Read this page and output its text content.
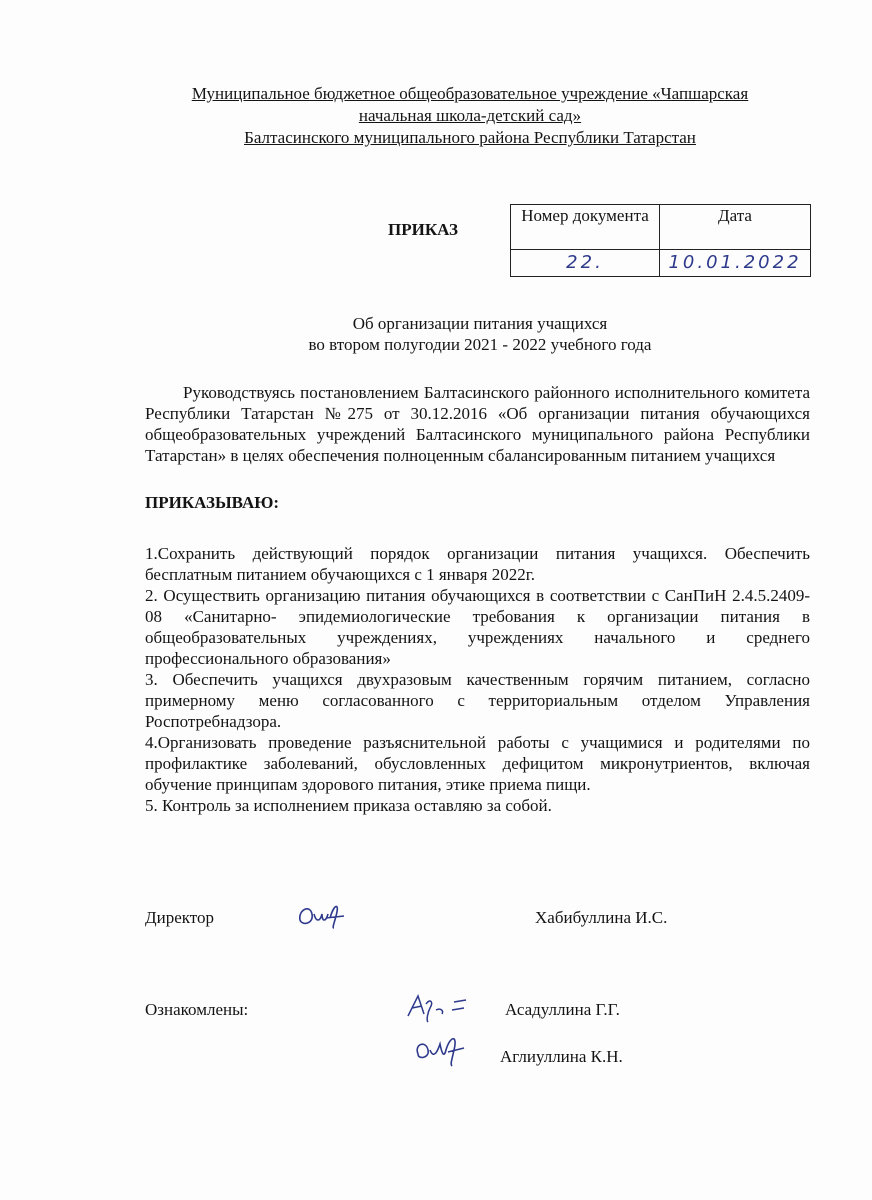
Муниципальное бюджетное общеобразовательное учреждение «Чапшарская
начальная школа-детский сад»
Балтасинского муниципального района Республики Татарстан
ПРИКАЗ
Номер документа	Дата
22.	10.01.2022
Об организации питания учащихся
во втором полугодии 2021 - 2022 учебного года
Руководствуясь постановлением Балтасинского районного исполнительного комитета Республики Татарстан №275 от 30.12.2016 «Об организации питания обучающихся общеобразовательных учреждений Балтасинского муниципального района Республики Татарстан» в целях обеспечения полноценным сбалансированным питанием учащихся
ПРИКАЗЫВАЮ:

1.Сохранить действующий порядок организации питания учащихся. Обеспечить бесплатным питанием обучающихся с 1 января 2022г.

2. Осуществить организацию питания обучающихся в соответствии с СанПиН 2.4.5.2409-08 «Санитарно- эпидемиологические требования к организации питания в общеобразовательных учреждениях, учреждениях начального и среднего профессионального образования»

3. Обеспечить учащихся двухразовым качественным горячим питанием, согласно примерному меню согласованного с территориальным отделом Управления Роспотребнадзора.

4.Организовать проведение разъяснительной работы с учащимися и родителями по профилактике заболеваний, обусловленных дефицитом микронутриентов, включая обучение принципам здорового питания, этике приема пищи.

5. Контроль за исполнением приказа оставляю за собой.

Директор	Хабибуллина И.С.
Ознакомлены:	Асадуллина Г.Г.
Аглиуллина К.Н.
